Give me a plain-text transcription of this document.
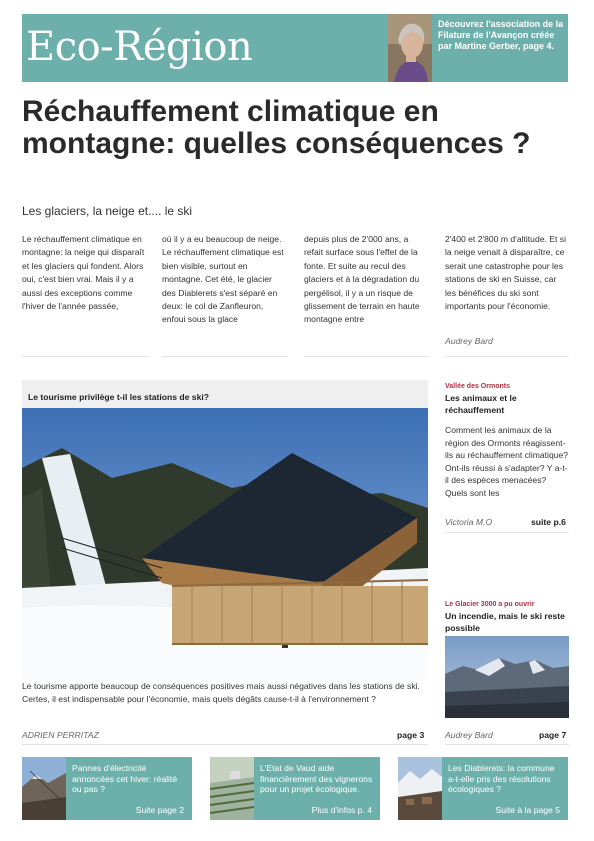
Eco-Région	Découvrez l'association de la Filature de l'Avançon créée par Martine Gerber, page 4.
Réchauffement climatique en montagne: quelles conséquences ?
Les glaciers, la neige et.... le ski
Le réchauffement climatique en montagne: la neige qui disparaît et les glaciers qui fondent. Alors oui, c'est bien vrai. Mais il y a aussi des exceptions comme l'hiver de l'année passée,
où il y a eu beaucoup de neige. Le réchauffement climatique est bien visible, surtout en montagne. Cet été, le glacier des Diablerets s'est séparé en deux: le col de Zanfleuron, enfoui sous la glace
depuis plus de 2'000 ans, a refait surface sous l'effet de la fonte. Et suite au recul des glaciers et à la dégradation du pergélisol, il y a un risque de glissement de terrain en haute montagne entre
2'400 et 2'800 m d'altitude. Et si la neige venait à disparaître, ce serait une catastrophe pour les stations de ski en Suisse, car les bénéfices du ski sont importants pour l'économie.
Audrey Bard
Le tourisme privilège t-il les stations de ski?
Le tourisme apporte beaucoup de conséquences positives mais aussi négatives dans les stations de ski. Certes, il est indispensable pour l'économie, mais quels dégâts cause-t-il à l'environnement ?
ADRIEN PERRITAZ	page 3
Vallée des Ormonts
Les animaux et le réchauffement
Comment les animaux de la région des Ormonts réagissent-ils au réchauffement climatique? Ont-ils réussi à s'adapter? Y a-t-il des espèces menacées? Quels sont les
Victoria M.O	suite p.6
Le Glacier 3000 a pu ouvrir
Un incendie, mais le ski reste possible
Audrey Bard	page 7
Pannes d'électricité annoncées cet hiver: réalité ou pas ?
Suite page 2
L'Etat de Vaud aide financièrement des vignerons pour un projet écologique.
Plus d'infos p. 4
Les Diablerets: la commune a-t-elle pris des résolutions écologiques ?
Suite à la page 5
